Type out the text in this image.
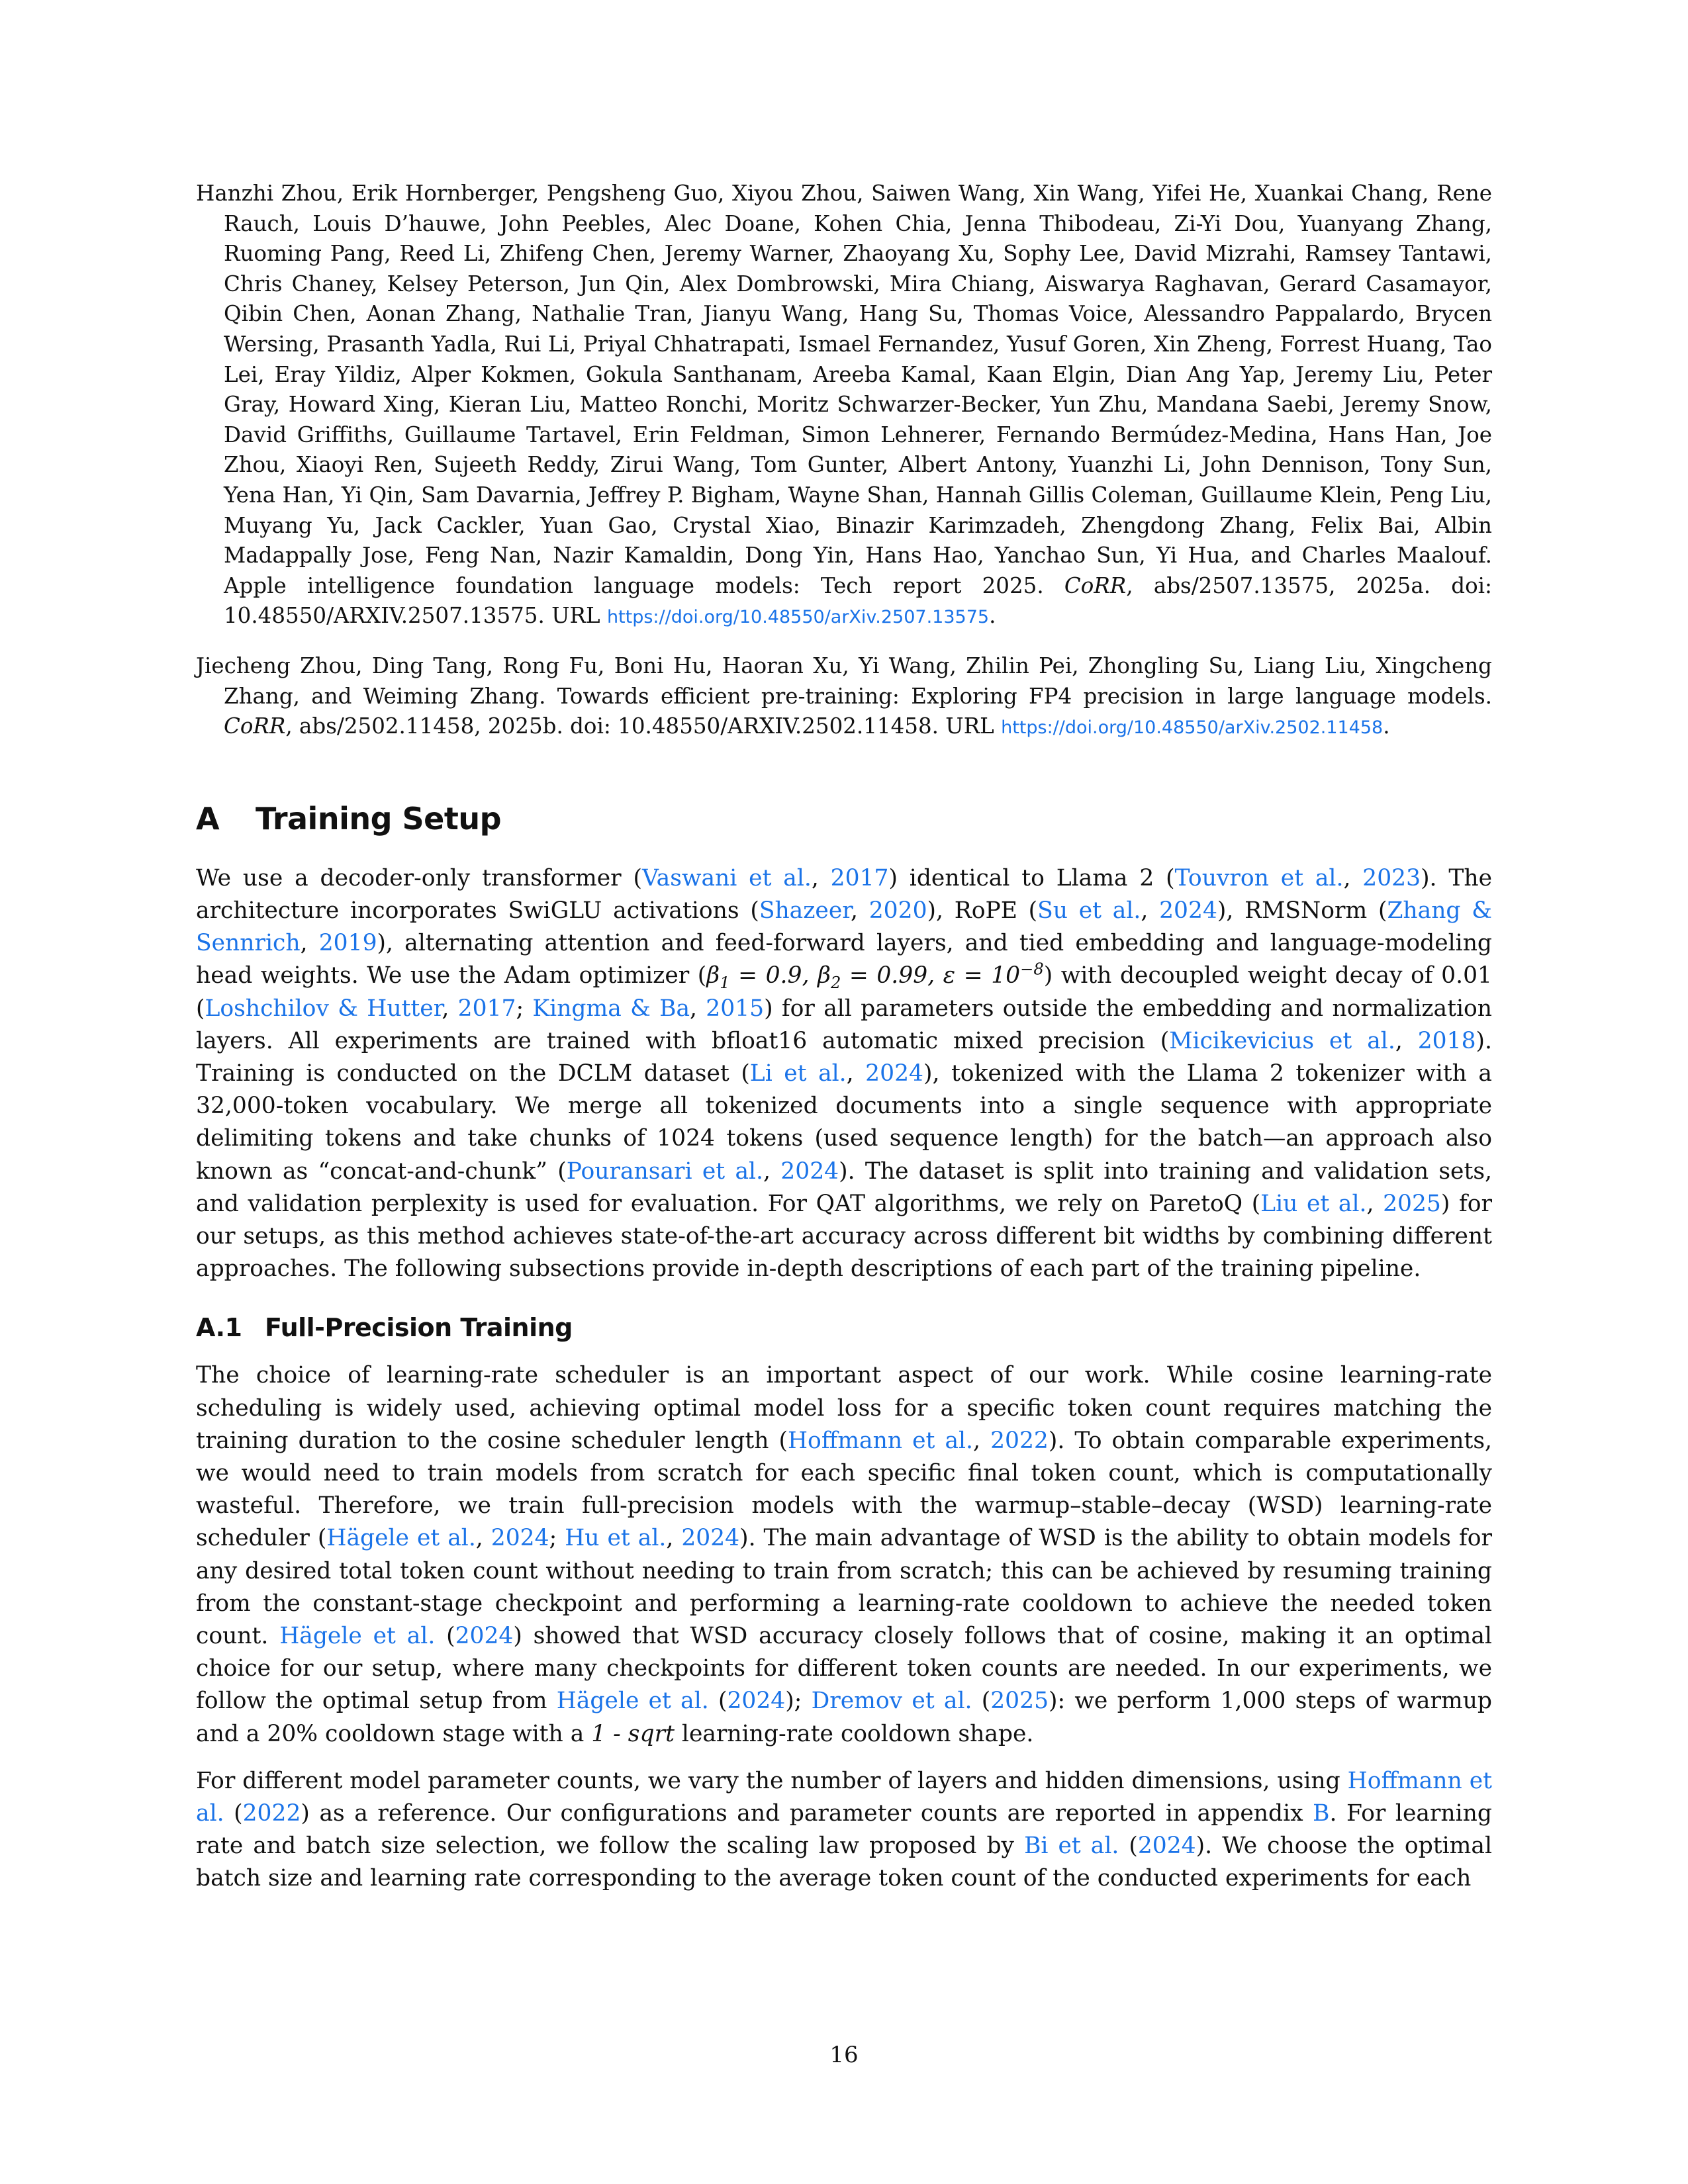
Hanzhi Zhou, Erik Hornberger, Pengsheng Guo, Xiyou Zhou, Saiwen Wang, Xin Wang, Yifei He, Xuankai Chang, Rene Rauch, Louis D’hauwe, John Peebles, Alec Doane, Kohen Chia, Jenna Thibodeau, Zi-Yi Dou, Yuanyang Zhang, Ruoming Pang, Reed Li, Zhifeng Chen, Jeremy Warner, Zhaoyang Xu, Sophy Lee, David Mizrahi, Ramsey Tantawi, Chris Chaney, Kelsey Peterson, Jun Qin, Alex Dombrowski, Mira Chiang, Aiswarya Raghavan, Gerard Casamayor, Qibin Chen, Aonan Zhang, Nathalie Tran, Jianyu Wang, Hang Su, Thomas Voice, Alessandro Pappalardo, Brycen Wersing, Prasanth Yadla, Rui Li, Priyal Chhatrapati, Ismael Fernandez, Yusuf Goren, Xin Zheng, Forrest Huang, Tao Lei, Eray Yildiz, Alper Kokmen, Gokula Santhanam, Areeba Kamal, Kaan Elgin, Dian Ang Yap, Jeremy Liu, Peter Gray, Howard Xing, Kieran Liu, Matteo Ronchi, Moritz Schwarzer-Becker, Yun Zhu, Mandana Saebi, Jeremy Snow, David Griffiths, Guillaume Tartavel, Erin Feldman, Simon Lehnerer, Fernando Bermúdez-Medina, Hans Han, Joe Zhou, Xiaoyi Ren, Sujeeth Reddy, Zirui Wang, Tom Gunter, Albert Antony, Yuanzhi Li, John Dennison, Tony Sun, Yena Han, Yi Qin, Sam Davarnia, Jeffrey P. Bigham, Wayne Shan, Hannah Gillis Coleman, Guillaume Klein, Peng Liu, Muyang Yu, Jack Cackler, Yuan Gao, Crystal Xiao, Binazir Karimzadeh, Zhengdong Zhang, Felix Bai, Albin Madappally Jose, Feng Nan, Nazir Kamaldin, Dong Yin, Hans Hao, Yanchao Sun, Yi Hua, and Charles Maalouf. Apple intelligence foundation language models: Tech report 2025. CoRR, abs/2507.13575, 2025a. doi: 10.48550/ARXIV.2507.13575. URL https://doi.org/10.48550/arXiv.2507.13575.
Jiecheng Zhou, Ding Tang, Rong Fu, Boni Hu, Haoran Xu, Yi Wang, Zhilin Pei, Zhongling Su, Liang Liu, Xingcheng Zhang, and Weiming Zhang. Towards efficient pre-training: Exploring FP4 precision in large language models. CoRR, abs/2502.11458, 2025b. doi: 10.48550/ARXIV.2502.11458. URL https://doi.org/10.48550/arXiv.2502.11458.
A Training Setup

We use a decoder-only transformer (Vaswani et al., 2017) identical to Llama 2 (Touvron et al., 2023). The architecture incorporates SwiGLU activations (Shazeer, 2020), RoPE (Su et al., 2024), RMSNorm (Zhang & Sennrich, 2019), alternating attention and feed-forward layers, and tied embedding and language-modeling head weights. We use the Adam optimizer ($\beta_1 = 0.9$, $\beta_2 = 0.99$, $\varepsilon = 10^{-8}$) with decoupled weight decay of 0.01 (Loshchilov & Hutter, 2017; Kingma & Ba, 2015) for all parameters outside the embedding and normalization layers. All experiments are trained with bfloat16 automatic mixed precision (Micikevicius et al., 2018). Training is conducted on the DCLM dataset (Li et al., 2024), tokenized with the Llama 2 tokenizer with a 32,000-token vocabulary. We merge all tokenized documents into a single sequence with appropriate delimiting tokens and take chunks of 1024 tokens (used sequence length) for the batch—an approach also known as “concat-and-chunk” (Pouransari et al., 2024). The dataset is split into training and validation sets, and validation perplexity is used for evaluation. For QAT algorithms, we rely on ParetoQ (Liu et al., 2025) for our setups, as this method achieves state-of-the-art accuracy across different bit widths by combining different approaches. The following subsections provide in-depth descriptions of each part of the training pipeline.

A.1 Full-Precision Training

The choice of learning-rate scheduler is an important aspect of our work. While cosine learning-rate scheduling is widely used, achieving optimal model loss for a specific token count requires matching the training duration to the cosine scheduler length (Hoffmann et al., 2022). To obtain comparable experiments, we would need to train models from scratch for each specific final token count, which is computationally wasteful. Therefore, we train full-precision models with the warmup–stable–decay (WSD) learning-rate scheduler (Hägele et al., 2024; Hu et al., 2024). The main advantage of WSD is the ability to obtain models for any desired total token count without needing to train from scratch; this can be achieved by resuming training from the constant-stage checkpoint and performing a learning-rate cooldown to achieve the needed token count. Hägele et al. (2024) showed that WSD accuracy closely follows that of cosine, making it an optimal choice for our setup, where many checkpoints for different token counts are needed. In our experiments, we follow the optimal setup from Hägele et al. (2024); Dremov et al. (2025): we perform 1,000 steps of warmup and a 20% cooldown stage with a 1 - sqrt learning-rate cooldown shape.

For different model parameter counts, we vary the number of layers and hidden dimensions, using Hoffmann et al. (2022) as a reference. Our configurations and parameter counts are reported in appendix B. For learning rate and batch size selection, we follow the scaling law proposed by Bi et al. (2024). We choose the optimal batch size and learning rate corresponding to the average token count of the conducted experiments for each

16
